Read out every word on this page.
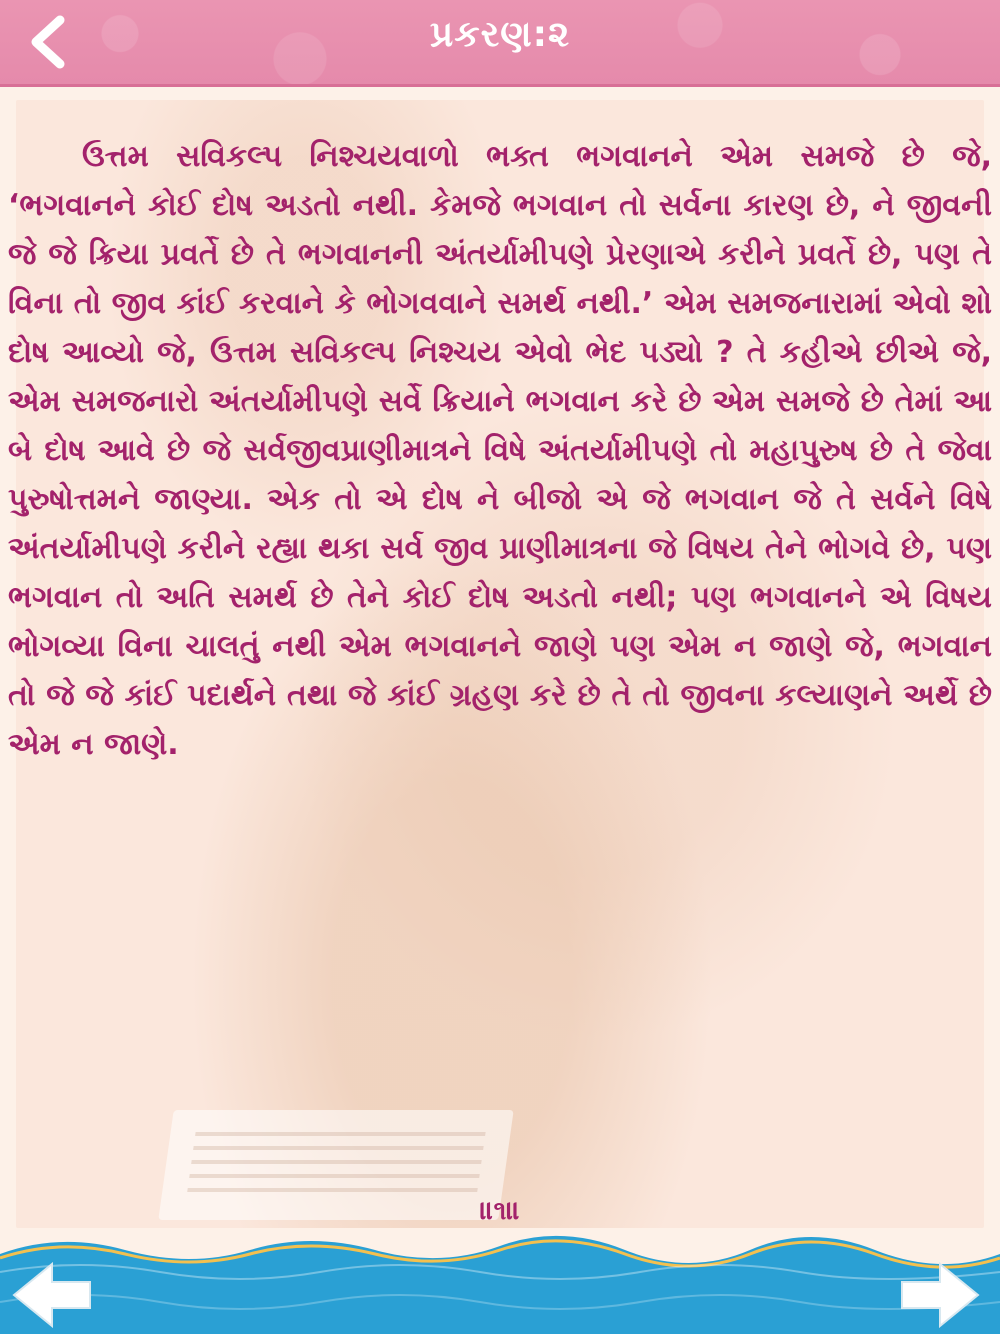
પ્રકરણ:૨

ઉત્તમ સવિકલ્પ નિશ્ચયવાળો ભક્ત ભગવાનને એમ સમજે છે જે, ‘ભગવાનને કોઈ દોષ અડતો નથી. કેમજે ભગવાન તો સર્વના કારણ છે, ને જીવની જે જે ક્રિયા પ્રવર્તે છે તે ભગવાનની અંતર્યામીપણે પ્રેરણાએ કરીને પ્રવર્તે છે, પણ તે વિના તો જીવ કાંઈ કરવાને કે ભોગવવાને સમર્થ નથી.’ એમ સમજનારામાં એવો શો દોષ આવ્યો જે, ઉત્તમ સવિકલ્પ નિશ્ચય એવો ભેદ પડ્યો ? તે કહીએ છીએ જે, એમ સમજનારો અંતર્યામીપણે સર્વે ક્રિયાને ભગવાન કરે છે એમ સમજે છે તેમાં આ બે દોષ આવે છે જે સર્વજીવપ્રાણીમાત્રને વિષે અંતર્યામીપણે તો મહાપુરુષ છે તે જેવા પુરુષોત્તમને જાણ્યા. એક તો એ દોષ ને બીજો એ જે ભગવાન જે તે સર્વને વિષે અંતર્યામીપણે કરીને રહ્યા થકા સર્વ જીવ પ્રાણીમાત્રના જે વિષય તેને ભોગવે છે, પણ ભગવાન તો અતિ સમર્થ છે તેને કોઈ દોષ અડતો નથી; પણ ભગવાનને એ વિષય ભોગવ્યા વિના ચાલતું નથી એમ ભગવાનને જાણે પણ એમ ન જાણે જે, ભગવાન તો જે જે કાંઈ પદાર્થને તથા જે કાંઈ ગ્રહણ કરે છે તે તો જીવના કલ્યાણને અર્થે છે એમ ન જાણે.

॥૧॥
